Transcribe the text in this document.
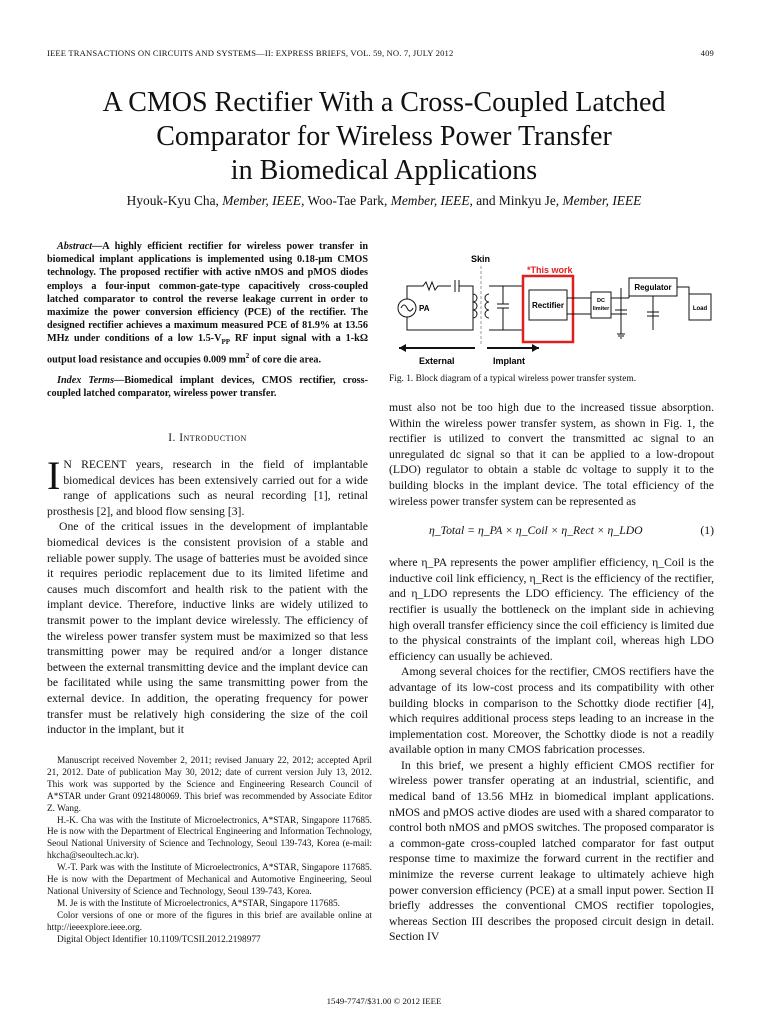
IEEE TRANSACTIONS ON CIRCUITS AND SYSTEMS—II: EXPRESS BRIEFS, VOL. 59, NO. 7, JULY 2012	409
A CMOS Rectifier With a Cross-Coupled Latched
Comparator for Wireless Power Transfer
in Biomedical Applications
Hyouk-Kyu Cha, Member, IEEE, Woo-Tae Park, Member, IEEE, and Minkyu Je, Member, IEEE

Abstract—A highly efficient rectifier for wireless power transfer in biomedical implant applications is implemented using 0.18-μm CMOS technology. The proposed rectifier with active nMOS and pMOS diodes employs a four-input common-gate-type capacitively cross-coupled latched comparator to control the reverse leakage current in order to maximize the power conversion efficiency (PCE) of the rectifier. The designed rectifier achieves a maximum measured PCE of 81.9% at 13.56 MHz under conditions of a low $1.5-V_{PP}$ RF input signal with a 1-kΩ output load resistance and occupies 0.009 $mm^2$ of core die area.

Index Terms—Biomedical implant devices, CMOS rectifier, cross-coupled latched comparator, wireless power transfer.

I. Introduction

I N RECENT years, research in the field of implantable biomedical devices has been extensively carried out for a wide range of applications such as neural recording [1], retinal prosthesis [2], and blood flow sensing [3].

One of the critical issues in the development of implantable biomedical devices is the consistent provision of a stable and reliable power supply. The usage of batteries must be avoided since it requires periodic replacement due to its limited lifetime and causes much discomfort and health risk to the patient with the implant device. Therefore, inductive links are widely utilized to transmit power to the implant device wirelessly. The efficiency of the wireless power transfer system must be maximized so that less transmitting power may be required and/or a longer distance between the external transmitting device and the implant device can be facilitated while using the same transmitting power from the external device. In addition, the operating frequency for power transfer must be relatively high considering the size of the coil inductor in the implant, but it

Manuscript received November 2, 2011; revised January 22, 2012; accepted April 21, 2012. Date of publication May 30, 2012; date of current version July 13, 2012. This work was supported by the Science and Engineering Research Council of A*STAR under Grant 0921480069. This brief was recommended by Associate Editor Z. Wang.

H.-K. Cha was with the Institute of Microelectronics, A*STAR, Singapore 117685. He is now with the Department of Electrical Engineering and Information Technology, Seoul National University of Science and Technology, Seoul 139-743, Korea (e-mail: hkcha@seoultech.ac.kr).

W.-T. Park was with the Institute of Microelectronics, A*STAR, Singapore 117685. He is now with the Department of Mechanical and Automotive Engineering, Seoul National University of Science and Technology, Seoul 139-743, Korea.

M. Je is with the Institute of Microelectronics, A*STAR, Singapore 117685.

Color versions of one or more of the figures in this brief are available online at http://ieeexplore.ieee.org.

Digital Object Identifier 10.1109/TCSII.2012.2198977

Skin
*This work
PA	Rectifier	DC
limiter
Regulator
Load
External	Implant
Fig. 1. Block diagram of a typical wireless power transfer system.

must also not be too high due to the increased tissue absorption. Within the wireless power transfer system, as shown in Fig. 1, the rectifier is utilized to convert the transmitted ac signal to an unregulated dc signal so that it can be applied to a low-dropout (LDO) regulator to obtain a stable dc voltage to supply it to the building blocks in the implant device. The total efficiency of the wireless power transfer system can be represented as

η_Total = η_PA × η_Coil × η_Rect × η_LDO	(1)

where η_PA represents the power amplifier efficiency, η_Coil is the inductive coil link efficiency, η_Rect is the efficiency of the rectifier, and η_LDO represents the LDO efficiency. The efficiency of the rectifier is usually the bottleneck on the implant side in achieving high overall transfer efficiency since the coil efficiency is limited due to the physical constraints of the implant coil, whereas high LDO efficiency can usually be achieved.

Among several choices for the rectifier, CMOS rectifiers have the advantage of its low-cost process and its compatibility with other building blocks in comparison to the Schottky diode rectifier [4], which requires additional process steps leading to an increase in the implementation cost. Moreover, the Schottky diode is not a readily available option in many CMOS fabrication processes.

In this brief, we present a highly efficient CMOS rectifier for wireless power transfer operating at an industrial, scientific, and medical band of 13.56 MHz in biomedical implant applications. nMOS and pMOS active diodes are used with a shared comparator to control both nMOS and pMOS switches. The proposed comparator is a common-gate cross-coupled latched comparator for fast output response time to maximize the forward current in the rectifier and minimize the reverse current leakage to ultimately achieve high power conversion efficiency (PCE) at a small input power. Section II briefly addresses the conventional CMOS rectifier topologies, whereas Section III describes the proposed circuit design in detail. Section IV

1549-7747/$31.00 © 2012 IEEE
